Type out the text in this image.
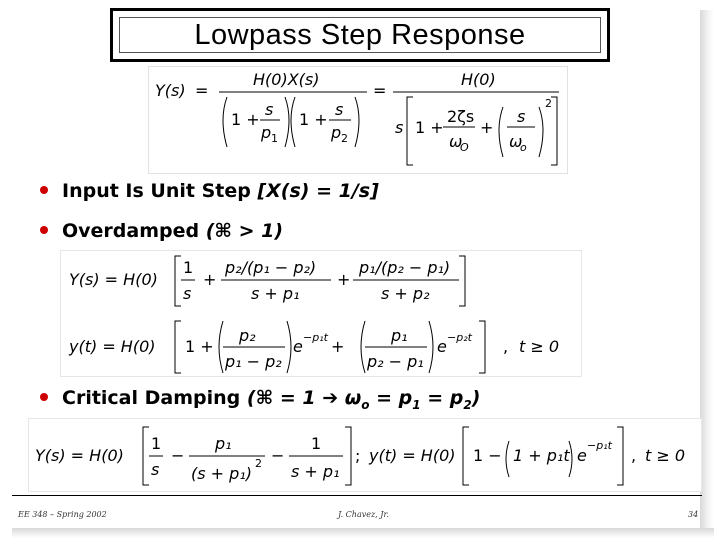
Lowpass Step Response
Y(s) =
H(0)X(s)
1 +
s
p 1
1 +
s
p 2
=
H(0)
s 1 +
2ζs
ω
O
+
s
ω
o
2
Input Is Unit Step [X(s) = 1/s]
Overdamped (⌘ > 1)
Y(s) = H(0)
1
s
+
p₂/(p₁ − p₂)
s + p₁
+
p₁/(p₂ − p₁)
s + p₂
y(t) = H(0) 1 +
p₂
p₁ − p₂
e −p₁t +
p₁
p₂ − p₁
e −p₂t , t ≥ 0
Critical Damping (⌘ = 1 ➔ $\omega_o = p_1 = p_2$)
Y(s) = H(0)
1
s
−
p₁
(s + p₁)
2 −
1
s + p₁
; y(t) = H(0) 1 − 1 + p₁t e
−p₁t
, t ≥ 0
EE 348 – Spring 2002	J. Chavez, Jr.	34
